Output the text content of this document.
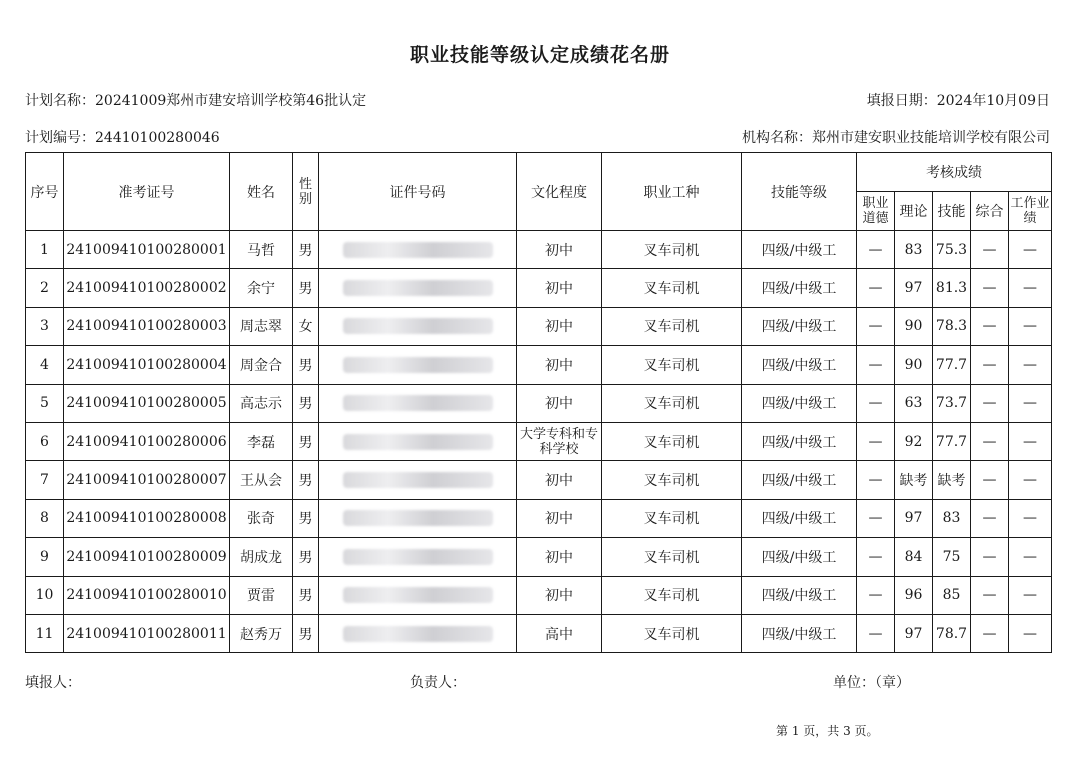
职业技能等级认定成绩花名册
计划名称：20241009郑州市建安培训学校第46批认定	填报日期：2024年10月09日
计划编号：24410100280046	机构名称：郑州市建安职业技能培训学校有限公司
序号	准考证号	姓名	性别	证件号码	文化程度	职业工种	技能等级	考核成绩				
								职业道德	理论	技能	综合	工作业绩
1	241009410100280001	马哲	男		初中	叉车司机	四级/中级工	—	83	75.3	—	—
2	241009410100280002	余宁	男		初中	叉车司机	四级/中级工	—	97	81.3	—	—
3	241009410100280003	周志翠	女		初中	叉车司机	四级/中级工	—	90	78.3	—	—
4	241009410100280004	周金合	男		初中	叉车司机	四级/中级工	—	90	77.7	—	—
5	241009410100280005	高志示	男		初中	叉车司机	四级/中级工	—	63	73.7	—	—
6	241009410100280006	李磊	男		大学专科和专科学校	叉车司机	四级/中级工	—	92	77.7	—	—
7	241009410100280007	王从会	男		初中	叉车司机	四级/中级工	—	缺考	缺考	—	—
8	241009410100280008	张奇	男		初中	叉车司机	四级/中级工	—	97	83	—	—
9	241009410100280009	胡成龙	男		初中	叉车司机	四级/中级工	—	84	75	—	—
10	241009410100280010	贾雷	男		初中	叉车司机	四级/中级工	—	96	85	—	—
11	241009410100280011	赵秀万	男		高中	叉车司机	四级/中级工	—	97	78.7	—	—
填报人：	负责人：	单位：（章）
第 1 页，共 3 页。
